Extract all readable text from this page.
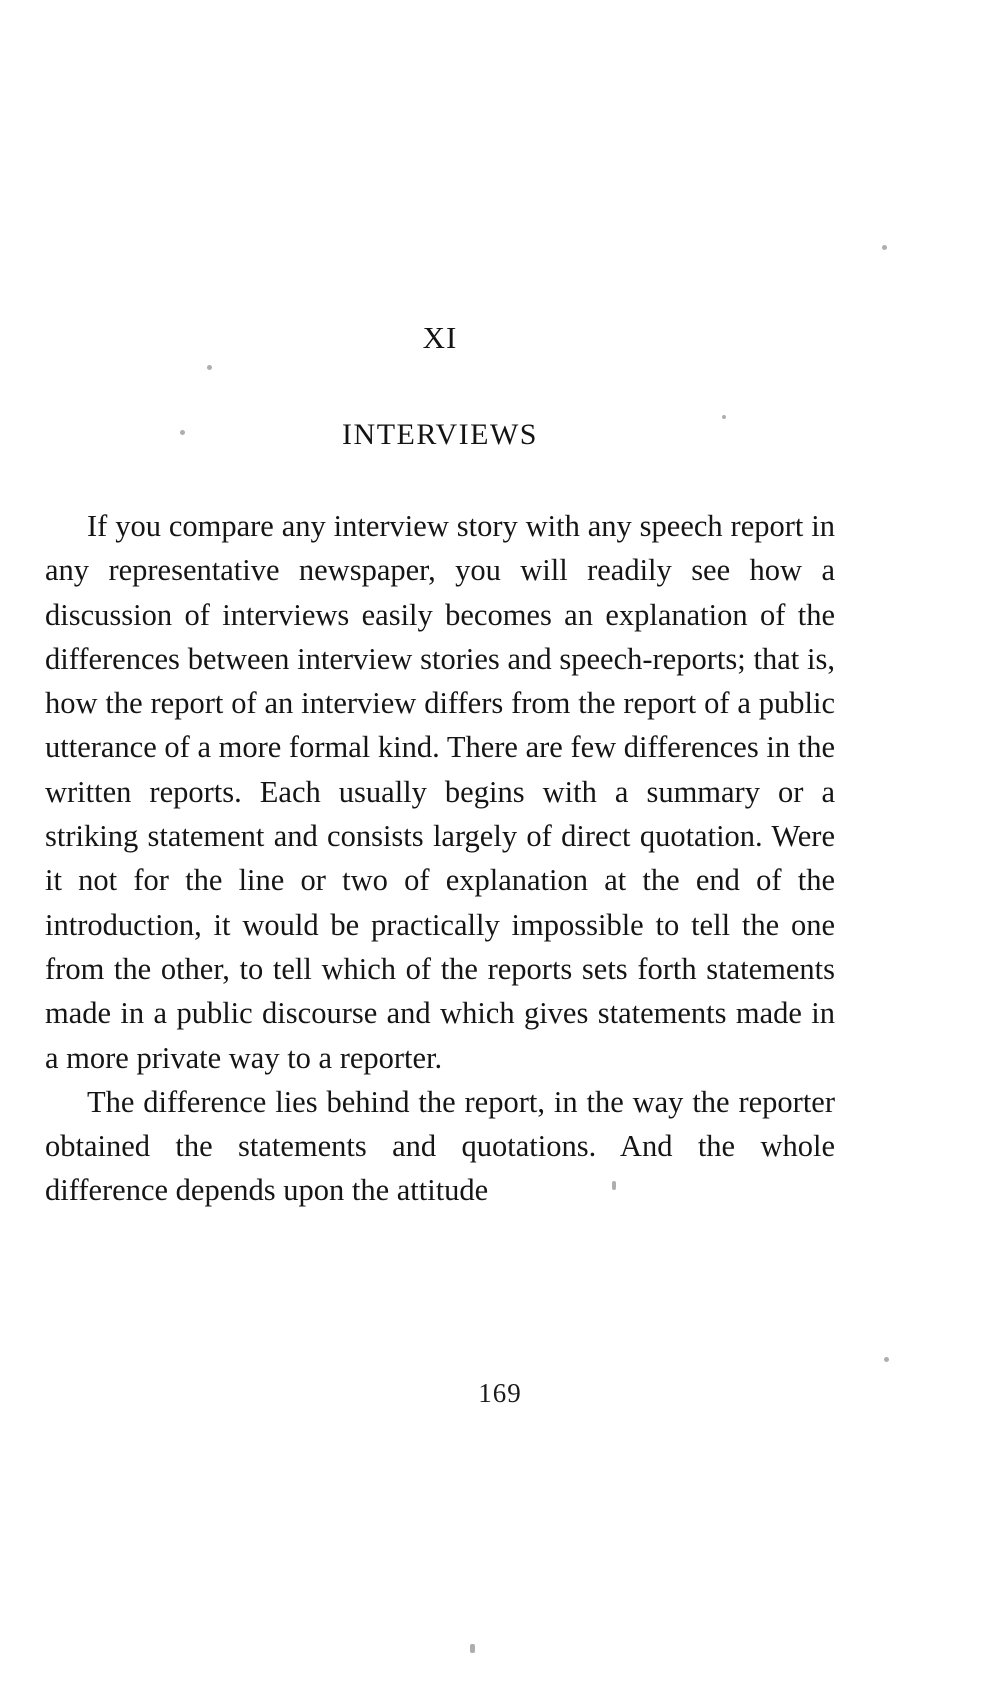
XI
INTERVIEWS

If you compare any interview story with any speech report in any representative newspaper, you will readily see how a discussion of interviews easily becomes an explanation of the differences between interview stories and speech-reports; that is, how the report of an interview differs from the report of a public utterance of a more formal kind. There are few differences in the written reports. Each usually begins with a summary or a striking statement and consists largely of direct quotation. Were it not for the line or two of explanation at the end of the introduction, it would be practically impossible to tell the one from the other, to tell which of the reports sets forth statements made in a public discourse and which gives statements made in a more private way to a reporter.

The difference lies behind the report, in the way the reporter obtained the statements and quotations. And the whole difference depends upon the attitude

169
